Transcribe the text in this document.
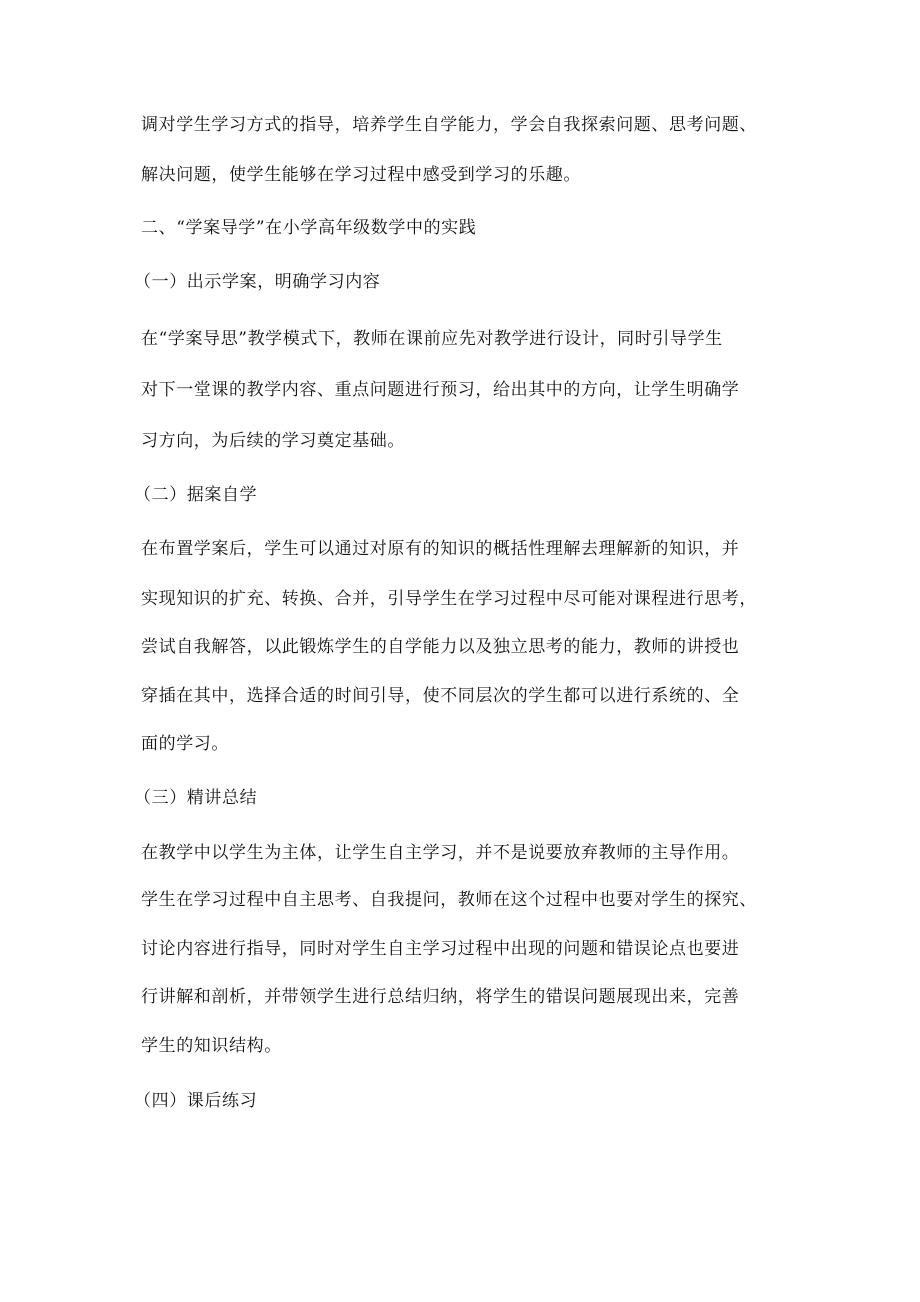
调对学生学习方式的指导，培养学生自学能力，学会自我探索问题、思考问题、
解决问题，使学生能够在学习过程中感受到学习的乐趣。
二、“学案导学”在小学高年级数学中的实践
（一）出示学案，明确学习内容
在“学案导思”教学模式下，教师在课前应先对教学进行设计，同时引导学生
对下一堂课的教学内容、重点问题进行预习，给出其中的方向，让学生明确学
习方向，为后续的学习奠定基础。
（二）据案自学
在布置学案后，学生可以通过对原有的知识的概括性理解去理解新的知识，并
实现知识的扩充、转换、合并，引导学生在学习过程中尽可能对课程进行思考，
尝试自我解答，以此锻炼学生的自学能力以及独立思考的能力，教师的讲授也
穿插在其中，选择合适的时间引导，使不同层次的学生都可以进行系统的、全
面的学习。
（三）精讲总结
在教学中以学生为主体，让学生自主学习，并不是说要放弃教师的主导作用。
学生在学习过程中自主思考、自我提问，教师在这个过程中也要对学生的探究、
讨论内容进行指导，同时对学生自主学习过程中出现的问题和错误论点也要进
行讲解和剖析，并带领学生进行总结归纳，将学生的错误问题展现出来，完善
学生的知识结构。
（四）课后练习
